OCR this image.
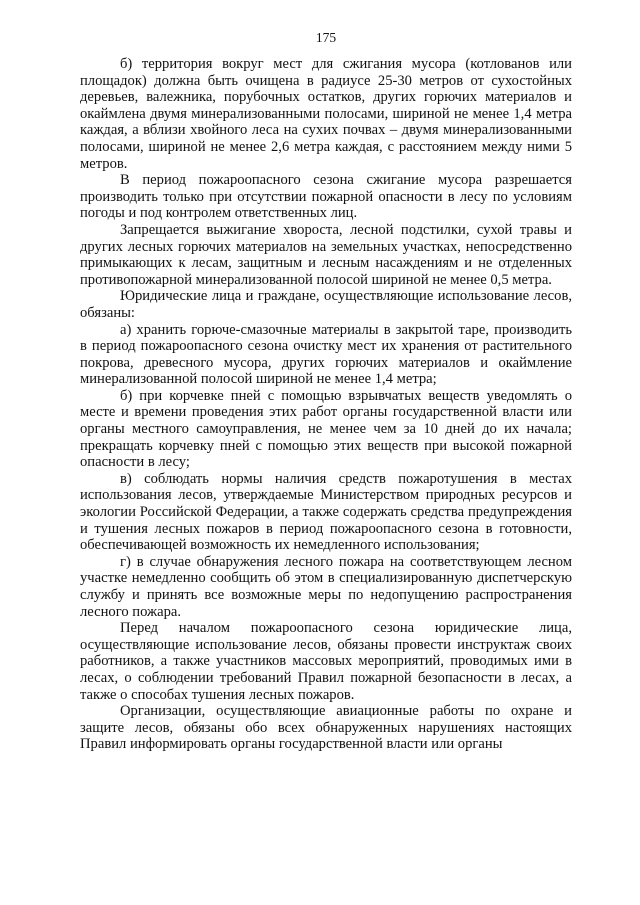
175

б) территория вокруг мест для сжигания мусора (котлованов или площадок) должна быть очищена в радиусе 25-30 метров от сухостойных деревьев, валежника, порубочных остатков, других горючих материалов и окаймлена двумя минерализованными полосами, шириной не менее 1,4 метра каждая, а вблизи хвойного леса на сухих почвах – двумя минерализованными полосами, шириной не менее 2,6 метра каждая, с расстоянием между ними 5 метров.

В период пожароопасного сезона сжигание мусора разрешается производить только при отсутствии пожарной опасности в лесу по условиям погоды и под контролем ответственных лиц.

Запрещается выжигание хвороста, лесной подстилки, сухой травы и других лесных горючих материалов на земельных участках, непосредственно примыкающих к лесам, защитным и лесным насаждениям и не отделенных противопожарной минерализованной полосой шириной не менее 0,5 метра.

Юридические лица и граждане, осуществляющие использование лесов, обязаны:

а) хранить горюче-смазочные материалы в закрытой таре, производить в период пожароопасного сезона очистку мест их хранения от растительного покрова, древесного мусора, других горючих материалов и окаймление минерализованной полосой шириной не менее 1,4 метра;

б) при корчевке пней с помощью взрывчатых веществ уведомлять о месте и времени проведения этих работ органы государственной власти или органы местного самоуправления, не менее чем за 10 дней до их начала; прекращать корчевку пней с помощью этих веществ при высокой пожарной опасности в лесу;

в) соблюдать нормы наличия средств пожаротушения в местах использования лесов, утверждаемые Министерством природных ресурсов и экологии Российской Федерации, а также содержать средства предупреждения и тушения лесных пожаров в период пожароопасного сезона в готовности, обеспечивающей возможность их немедленного использования;

г) в случае обнаружения лесного пожара на соответствующем лесном участке немедленно сообщить об этом в специализированную диспетчерскую службу и принять все возможные меры по недопущению распространения лесного пожара.

Перед началом пожароопасного сезона юридические лица, осуществляющие использование лесов, обязаны провести инструктаж своих работников, а также участников массовых мероприятий, проводимых ими в лесах, о соблюдении требований Правил пожарной безопасности в лесах, а также о способах тушения лесных пожаров.

Организации, осуществляющие авиационные работы по охране и защите лесов, обязаны обо всех обнаруженных нарушениях настоящих Правил информировать органы государственной власти или органы
